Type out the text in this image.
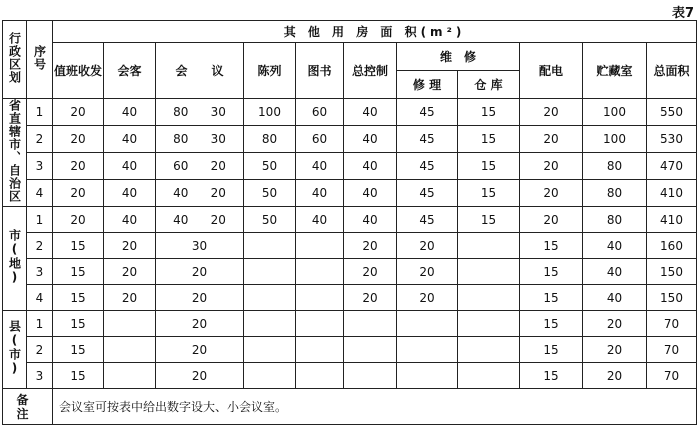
表7
行政区划	序号	其 他 用 房 面 积(m²)										
		值班收发	会客	会　　议	陈列	图书	总控制	维　修		配电	贮藏室	总面积
								修 理	仓 库			
省直辖市、自治区	1	20	40	80 30	100	60	40	45	15	20	100	550
	2	20	40	80 30	80	60	40	45	15	20	100	530
	3	20	40	60 20	50	40	40	45	15	20	80	470
	4	20	40	40 20	50	40	40	45	15	20	80	410
市(地)	1	20	40	40 20	50	40	40	45	15	20	80	410
	2	15	20	30			20	20		15	40	160
	3	15	20	20			20	20		15	40	150
	4	15	20	20			20	20		15	40	150
县(市)	1	15		20						15	20	70
	2	15		20						15	20	70
	3	15		20						15	20	70
备 注		会议室可按表中给出数字设大、小会议室。										
